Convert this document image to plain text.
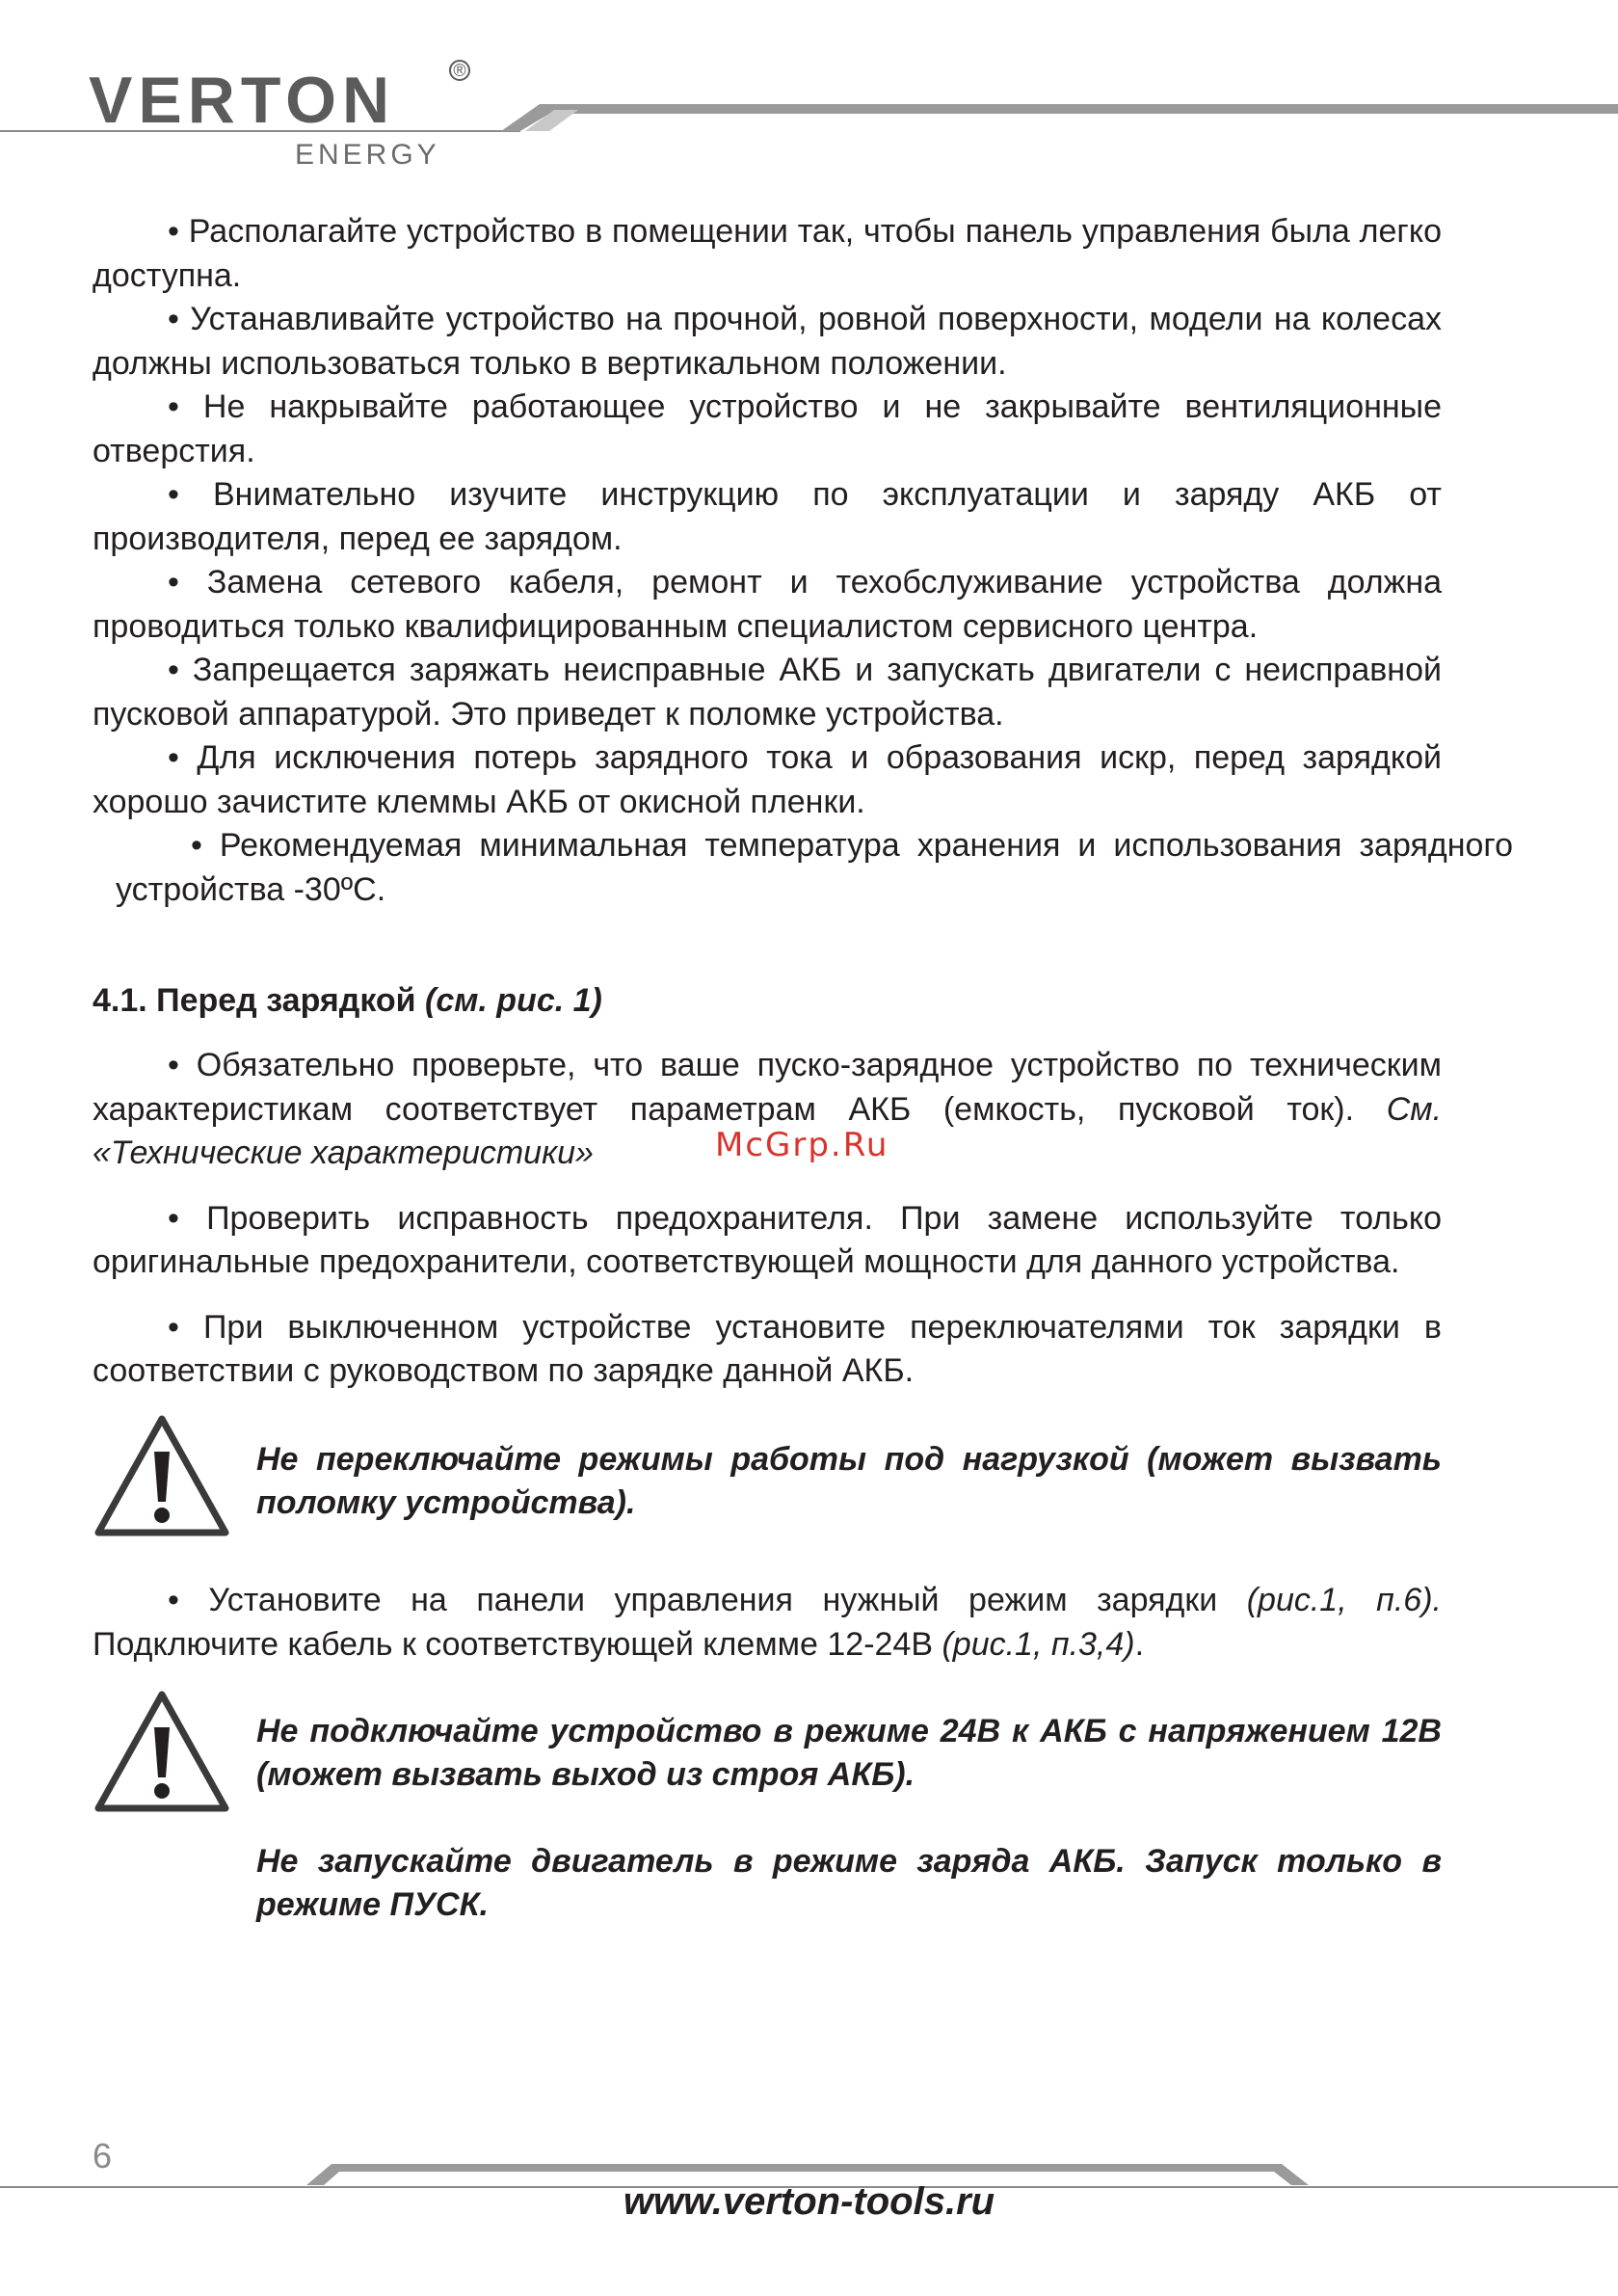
VERTON	®
ENERGY

• Располагайте устройство в помещении так, чтобы панель управления была легко доступна.

• Устанавливайте устройство на прочной, ровной поверхности, модели на колесах должны использоваться только в вертикальном положении.

• Не накрывайте работающее устройство и не закрывайте вентиляционные отверстия.

• Внимательно изучите инструкцию по эксплуатации и заряду АКБ от производителя, перед ее зарядом.

• Замена сетевого кабеля, ремонт и техобслуживание устройства должна проводиться только квалифицированным специалистом сервисного центра.

• Запрещается заряжать неисправные АКБ и запускать двигатели с неисправной пусковой аппаратурой. Это приведет к поломке устройства.

• Для исключения потерь зарядного тока и образования искр, перед зарядкой хорошо зачистите клеммы АКБ от окисной пленки.

• Рекомендуемая минимальная температура хранения и использования зарядного устройства -30ºС.

4.1. Перед зарядкой (см. рис. 1)

• Обязательно проверьте, что ваше пуско-зарядное устройство по техническим характеристикам соответствует параметрам АКБ (емкость, пусковой ток). См. «Технические характеристики»

• Проверить исправность предохранителя. При замене используйте только оригинальные предохранители, соответствующей мощности для данного устройства.

• При выключенном устройстве установите переключателями ток зарядки в соответствии с руководством по зарядке данной АКБ.

McGrp.Ru

Не переключайте режимы работы под нагрузкой (может вызвать поломку устройства).

• Установите на панели управления нужный режим зарядки (рис.1, п.6). Подключите кабель к соответствующей клемме 12-24В (рис.1, п.3,4).

Не подключайте устройство в режиме 24В к АКБ с напряжением 12В (может вызвать выход из строя АКБ).

Не запускайте двигатель в режиме заряда АКБ. Запуск только в режиме ПУСК.

6
www.verton-tools.ru
